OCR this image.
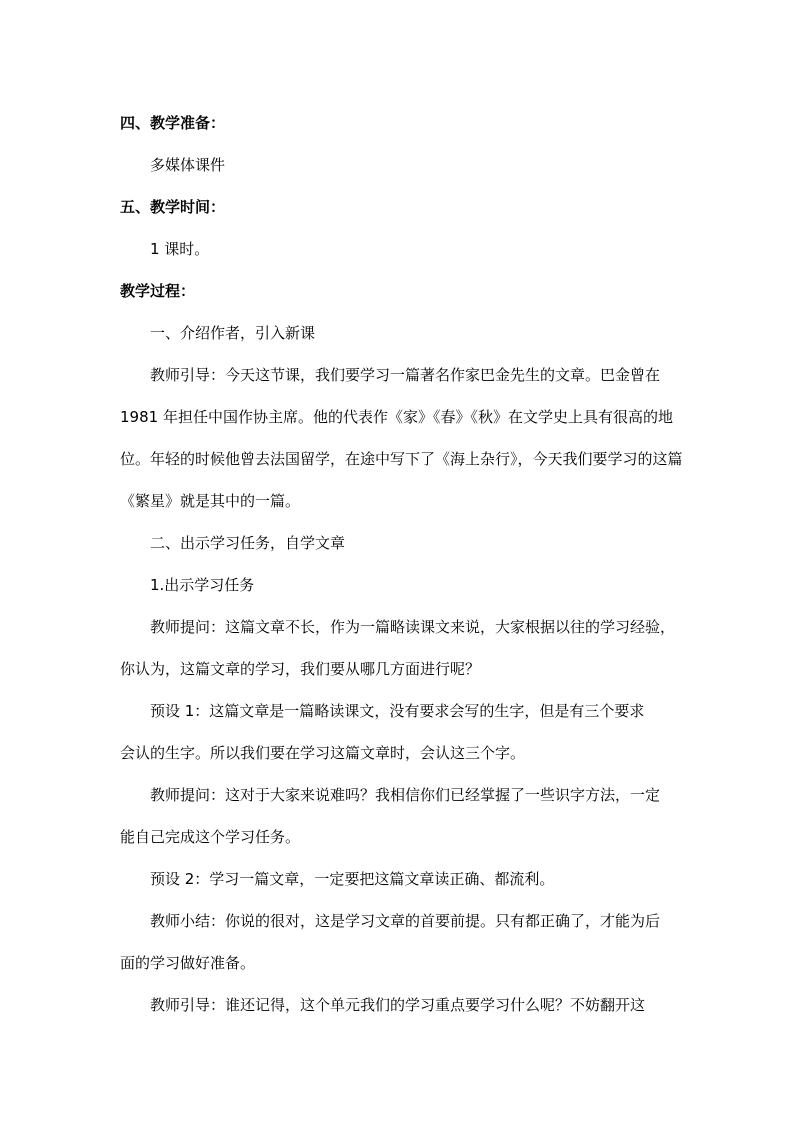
四、教学准备：

多媒体课件

五、教学时间：

1 课时。

教学过程：

一、介绍作者，引入新课

教师引导：今天这节课，我们要学习一篇著名作家巴金先生的文章。巴金曾在

1981 年担任中国作协主席。他的代表作《家》《春》《秋》在文学史上具有很高的地

位。年轻的时候他曾去法国留学，在途中写下了《海上杂行》，今天我们要学习的这篇

《繁星》就是其中的一篇。

二、出示学习任务，自学文章

1.出示学习任务

教师提问：这篇文章不长，作为一篇略读课文来说，大家根据以往的学习经验，

你认为，这篇文章的学习，我们要从哪几方面进行呢？

预设 1：这篇文章是一篇略读课文，没有要求会写的生字，但是有三个要求

会认的生字。所以我们要在学习这篇文章时，会认这三个字。

教师提问：这对于大家来说难吗？我相信你们已经掌握了一些识字方法，一定

能自己完成这个学习任务。

预设 2：学习一篇文章，一定要把这篇文章读正确、都流利。

教师小结：你说的很对，这是学习文章的首要前提。只有都正确了，才能为后

面的学习做好准备。

教师引导：谁还记得，这个单元我们的学习重点要学习什么呢？不妨翻开这
